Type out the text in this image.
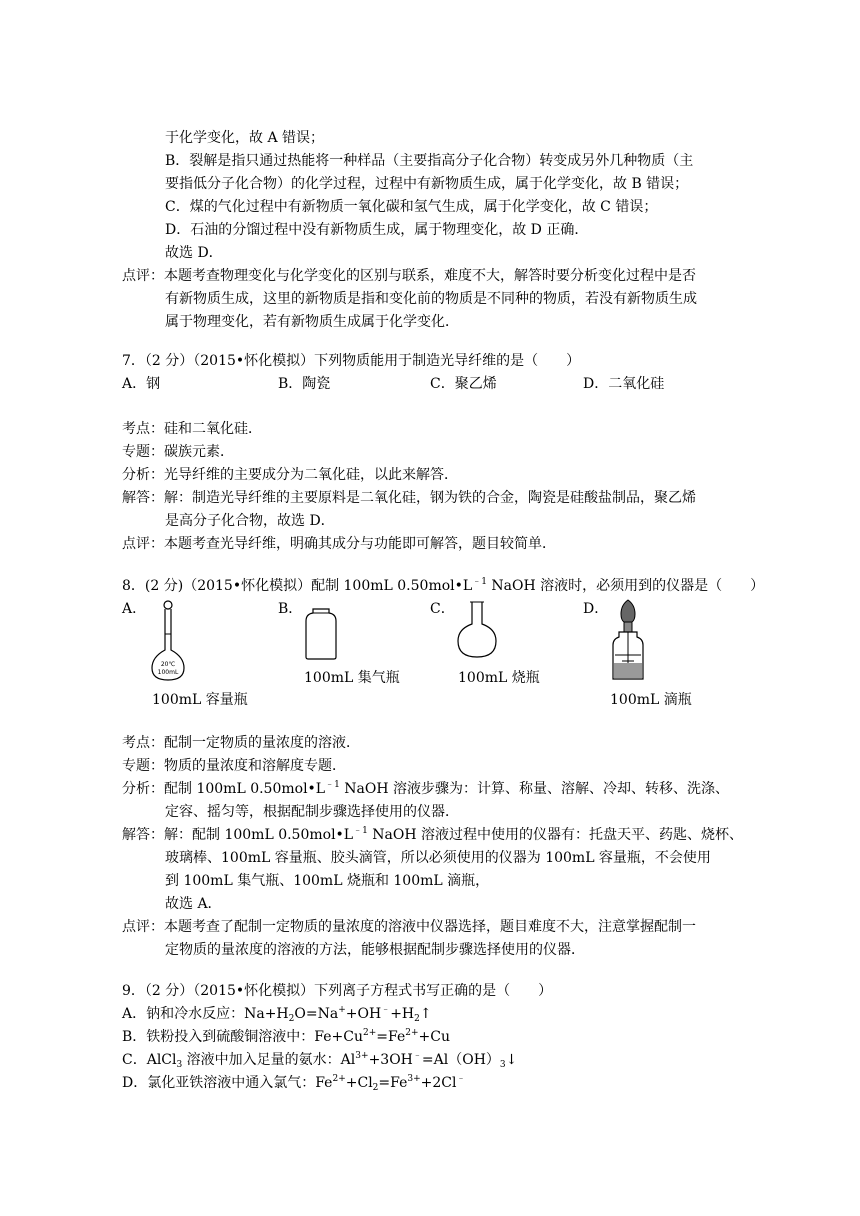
于化学变化，故 A 错误；
B．裂解是指只通过热能将一种样品（主要指高分子化合物）转变成另外几种物质（主
要指低分子化合物）的化学过程，过程中有新物质生成，属于化学变化，故 B 错误；
C．煤的气化过程中有新物质一氧化碳和氢气生成，属于化学变化，故 C 错误；
D．石油的分馏过程中没有新物质生成，属于物理变化，故 D 正确．
故选 D．
点评：本题考查物理变化与化学变化的区别与联系，难度不大，解答时要分析变化过程中是否
有新物质生成，这里的新物质是指和变化前的物质是不同种的物质，若没有新物质生成
属于物理变化，若有新物质生成属于化学变化．
7．（2 分）（2015•怀化模拟）下列物质能用于制造光导纤维的是（　　）
A．钢	B．陶瓷	C．聚乙烯	D．二氧化硅
考点：硅和二氧化硅．
专题：碳族元素．
分析：光导纤维的主要成分为二氧化硅，以此来解答．
解答：解：制造光导纤维的主要原料是二氧化硅，钢为铁的合金，陶瓷是硅酸盐制品，聚乙烯
是高分子化合物，故选 D．
点评：本题考查光导纤维，明确其成分与功能即可解答，题目较简单．
8．(2 分)（2015•怀化模拟）配制 100mL $0.50mol•L^{﹣1}$ NaOH 溶液时，必须用到的仪器是（　　）
A．	B．	C．	D．
20℃
100mL
100mL 容量瓶
100mL 集气瓶	100mL 烧瓶
100mL 滴瓶
考点：配制一定物质的量浓度的溶液．
专题：物质的量浓度和溶解度专题．
分析：配制 100mL $0.50mol•L^{﹣1}$ NaOH 溶液步骤为：计算、称量、溶解、冷却、转移、洗涤、
定容、摇匀等，根据配制步骤选择使用的仪器．
解答：解：配制 100mL $0.50mol•L^{﹣1}$ NaOH 溶液过程中使用的仪器有：托盘天平、药匙、烧杯、
玻璃棒、100mL 容量瓶、胶头滴管，所以必须使用的仪器为 100mL 容量瓶，不会使用
到 100mL 集气瓶、100mL 烧瓶和 100mL 滴瓶，
故选 A．
点评：本题考查了配制一定物质的量浓度的溶液中仪器选择，题目难度不大，注意掌握配制一
定物质的量浓度的溶液的方法，能够根据配制步骤选择使用的仪器．
9．（2 分）（2015•怀化模拟）下列离子方程式书写正确的是（　　）
A．钠和冷水反应：$Na+H_2O=Na^++OH^﹣+H_2↑$
B．铁粉投入到硫酸铜溶液中：$Fe+Cu^{2+}=Fe^{2+}+Cu$
C．AlCl$_3$ 溶液中加入足量的氨水：$Al^{3+}+3OH^﹣=Al(OH)_3↓$
D．氯化亚铁溶液中通入氯气：$Fe^{2+}+Cl_2=Fe^{3+}+2Cl^﹣$
